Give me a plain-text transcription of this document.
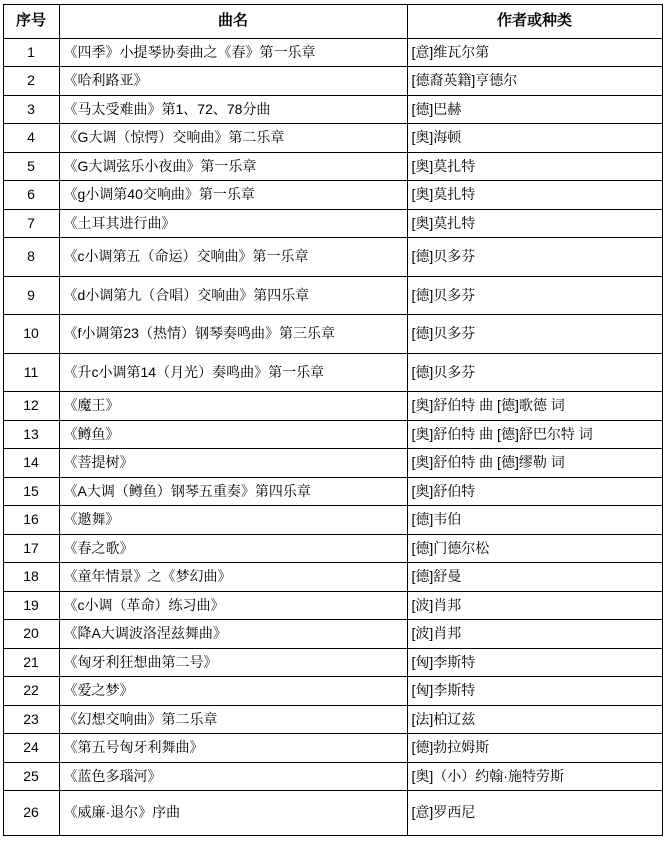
序号	曲名	作者或种类
1	《四季》小提琴协奏曲之《春》第一乐章	[意]维瓦尔第
2	《哈利路亚》	[德裔英籍]亨德尔
3	《马太受难曲》第1、72、78分曲	[德]巴赫
4	《G大调（惊愕）交响曲》第二乐章	[奥]海顿
5	《G大调弦乐小夜曲》第一乐章	[奥]莫扎特
6	《g小调第40交响曲》第一乐章	[奥]莫扎特
7	《土耳其进行曲》	[奥]莫扎特
8	《c小调第五（命运）交响曲》第一乐章	[德]贝多芬
9	《d小调第九（合唱）交响曲》第四乐章	[德]贝多芬
10	《f小调第23（热情）钢琴奏鸣曲》第三乐章	[德]贝多芬
11	《升c小调第14（月光）奏鸣曲》第一乐章	[德]贝多芬
12	《魔王》	[奥]舒伯特 曲 [德]歌德 词
13	《鳟鱼》	[奥]舒伯特 曲 [德]舒巴尔特 词
14	《菩提树》	[奥]舒伯特 曲 [德]缪勒 词
15	《A大调（鳟鱼）钢琴五重奏》第四乐章	[奥]舒伯特
16	《邀舞》	[德]韦伯
17	《春之歌》	[德]门德尔松
18	《童年情景》之《梦幻曲》	[德]舒曼
19	《c小调（革命）练习曲》	[波]肖邦
20	《降A大调波洛涅兹舞曲》	[波]肖邦
21	《匈牙利狂想曲第二号》	[匈]李斯特
22	《爱之梦》	[匈]李斯特
23	《幻想交响曲》第二乐章	[法]柏辽兹
24	《第五号匈牙利舞曲》	[德]勃拉姆斯
25	《蓝色多瑙河》	[奥]（小）约翰·施特劳斯
26	《威廉·退尔》序曲	[意]罗西尼
